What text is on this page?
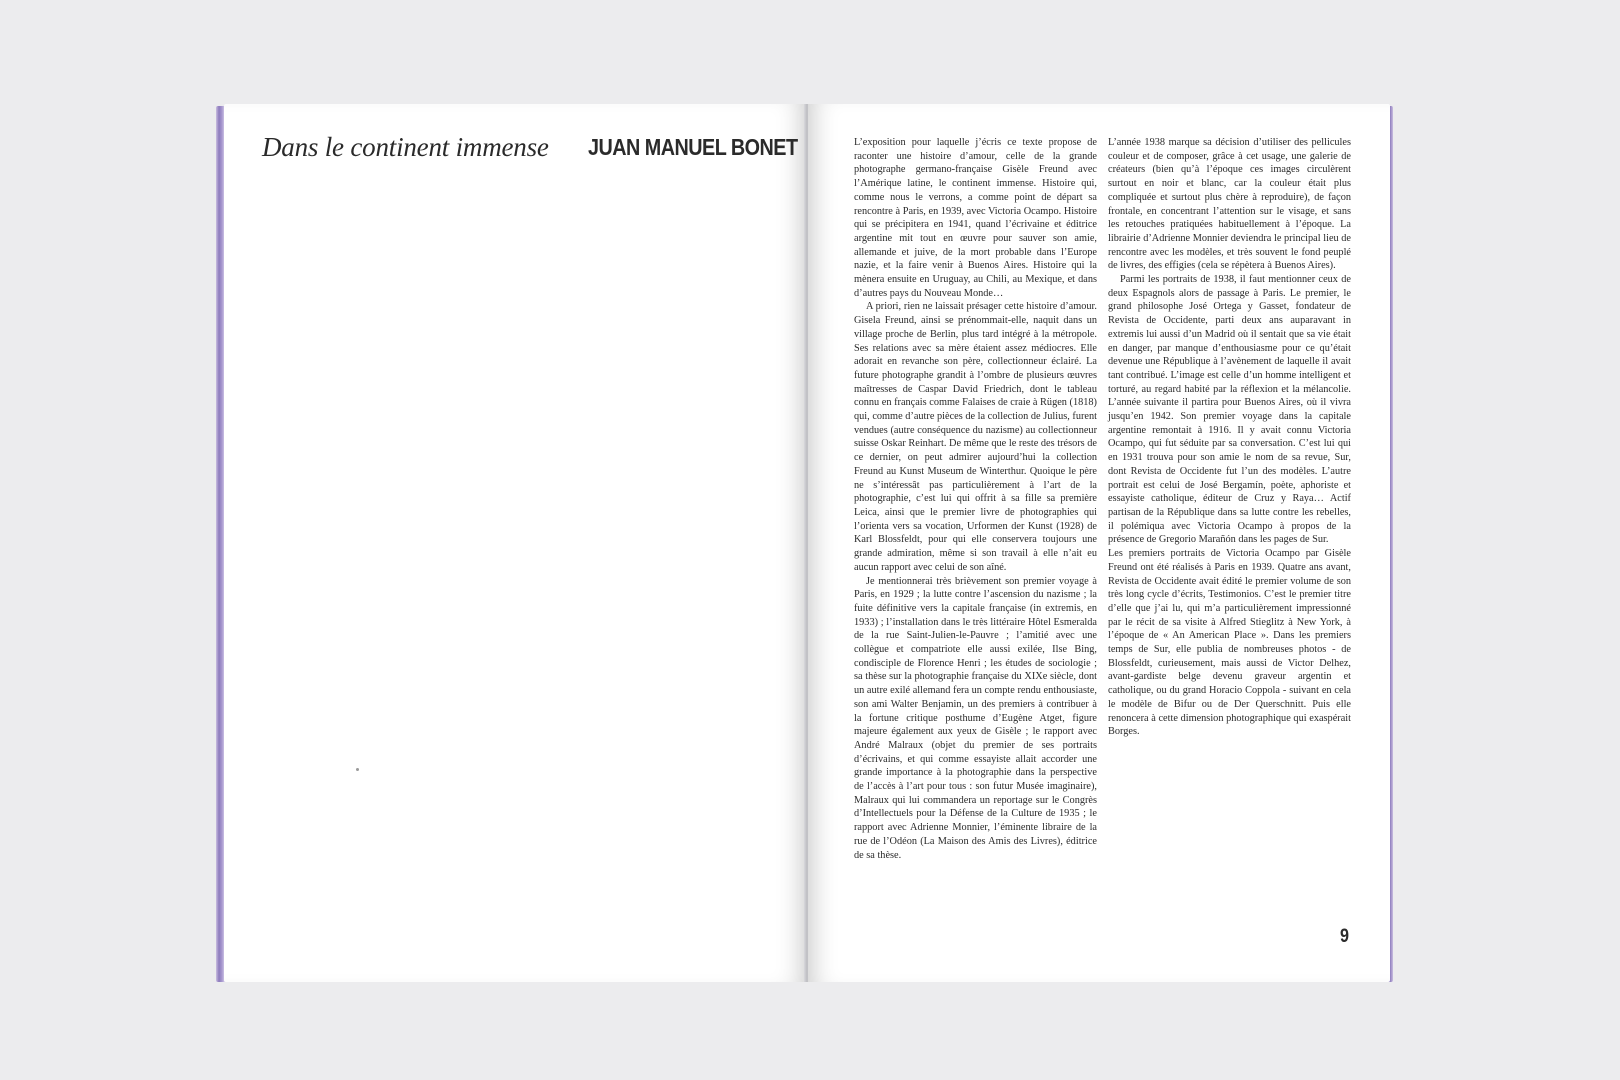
Dans le continent immense JUAN MANUEL BONET	L’exposition pour laquelle j’écris ce texte propose de raconter une histoire d’amour, celle de la grande photographe germano-française Gisèle Freund avec l’Amérique latine, le continent immense. Histoire qui, comme nous le verrons, a comme point de départ sa rencontre à Paris, en 1939, avec Victoria Ocampo. Histoire qui se précipitera en 1941, quand l’écrivaine et éditrice argentine mit tout en œuvre pour sauver son amie, allemande et juive, de la mort probable dans l’Europe nazie, et la faire venir à Buenos Aires. Histoire qui la mènera ensuite en Uruguay, au Chili, au Mexique, et dans d’autres pays du Nouveau Monde…

A priori, rien ne laissait présager cette histoire d’amour. Gisela Freund, ainsi se prénommait-elle, naquit dans un village proche de Berlin, plus tard intégré à la métropole. Ses relations avec sa mère étaient assez médiocres. Elle adorait en revanche son père, collectionneur éclairé. La future photographe grandit à l’ombre de plusieurs œuvres maîtresses de Caspar David Friedrich, dont le tableau connu en français comme Falaises de craie à Rügen (1818) qui, comme d’autre pièces de la collection de Julius, furent vendues (autre conséquence du nazisme) au collectionneur suisse Oskar Reinhart. De même que le reste des trésors de ce dernier, on peut admirer aujourd’hui la collection Freund au Kunst Museum de Winterthur. Quoique le père ne s’intéressât pas particulièrement à l’art de la photographie, c’est lui qui offrit à sa fille sa première Leica, ainsi que le premier livre de photographies qui l’orienta vers sa vocation, Urformen der Kunst (1928) de Karl Blossfeldt, pour qui elle conservera toujours une grande admiration, même si son travail à elle n’ait eu aucun rapport avec celui de son aîné.

Je mentionnerai très brièvement son premier voyage à Paris, en 1929 ; la lutte contre l’ascension du nazisme ; la fuite définitive vers la capitale française (in extremis, en 1933) ; l’installation dans le très littéraire Hôtel Esmeralda de la rue Saint-Julien-le-Pauvre ; l’amitié avec une collègue et compatriote elle aussi exilée, Ilse Bing, condisciple de Florence Henri ; les études de sociologie ; sa thèse sur la photographie française du XIXe siècle, dont un autre exilé allemand fera un compte rendu enthousiaste, son ami Walter Benjamin, un des premiers à contribuer à la fortune critique posthume d’Eugène Atget, figure majeure également aux yeux de Gisèle ; le rapport avec André Malraux (objet du premier de ses portraits d’écrivains, et qui comme essayiste allait accorder une grande importance à la photographie dans la perspective de l’accès à l’art pour tous : son futur Musée imaginaire), Malraux qui lui commandera un reportage sur le Congrès d’Intellectuels pour la Défense de la Culture de 1935 ; le rapport avec Adrienne Monnier, l’éminente libraire de la rue de l’Odéon (La Maison des Amis des Livres), éditrice de sa thèse.

L’année 1938 marque sa décision d’utiliser des pellicules couleur et de composer, grâce à cet usage, une galerie de créateurs (bien qu’à l’époque ces images circulèrent surtout en noir et blanc, car la couleur était plus compliquée et surtout plus chère à reproduire), de façon frontale, en concentrant l’attention sur le visage, et sans les retouches pratiquées habituellement à l’époque. La librairie d’Adrienne Monnier deviendra le principal lieu de rencontre avec les modèles, et très souvent le fond peuplé de livres, des effigies (cela se répètera à Buenos Aires).

Parmi les portraits de 1938, il faut mentionner ceux de deux Espagnols alors de passage à Paris. Le premier, le grand philosophe José Ortega y Gasset, fondateur de Revista de Occidente, parti deux ans auparavant in extremis lui aussi d’un Madrid où il sentait que sa vie était en danger, par manque d’enthousiasme pour ce qu’était devenue une République à l’avènement de laquelle il avait tant contribué. L’image est celle d’un homme intelligent et torturé, au regard habité par la réflexion et la mélancolie. L’année suivante il partira pour Buenos Aires, où il vivra jusqu’en 1942. Son premier voyage dans la capitale argentine remontait à 1916. Il y avait connu Victoria Ocampo, qui fut séduite par sa conversation. C’est lui qui en 1931 trouva pour son amie le nom de sa revue, Sur, dont Revista de Occidente fut l’un des modèles. L’autre portrait est celui de José Bergamín, poète, aphoriste et essayiste catholique, éditeur de Cruz y Raya… Actif partisan de la République dans sa lutte contre les rebelles, il polémiqua avec Victoria Ocampo à propos de la présence de Gregorio Marañón dans les pages de Sur.

Les premiers portraits de Victoria Ocampo par Gisèle Freund ont été réalisés à Paris en 1939. Quatre ans avant, Revista de Occidente avait édité le premier volume de son très long cycle d’écrits, Testimonios. C’est le premier titre d’elle que j’ai lu, qui m’a particulièrement impressionné par le récit de sa visite à Alfred Stieglitz à New York, à l’époque de « An American Place ». Dans les premiers temps de Sur, elle publia de nombreuses photos - de Blossfeldt, curieusement, mais aussi de Victor Delhez, avant-gardiste belge devenu graveur argentin et catholique, ou du grand Horacio Coppola - suivant en cela le modèle de Bifur ou de Der Querschnitt. Puis elle renoncera à cette dimension photographique qui exaspérait Borges.

9
